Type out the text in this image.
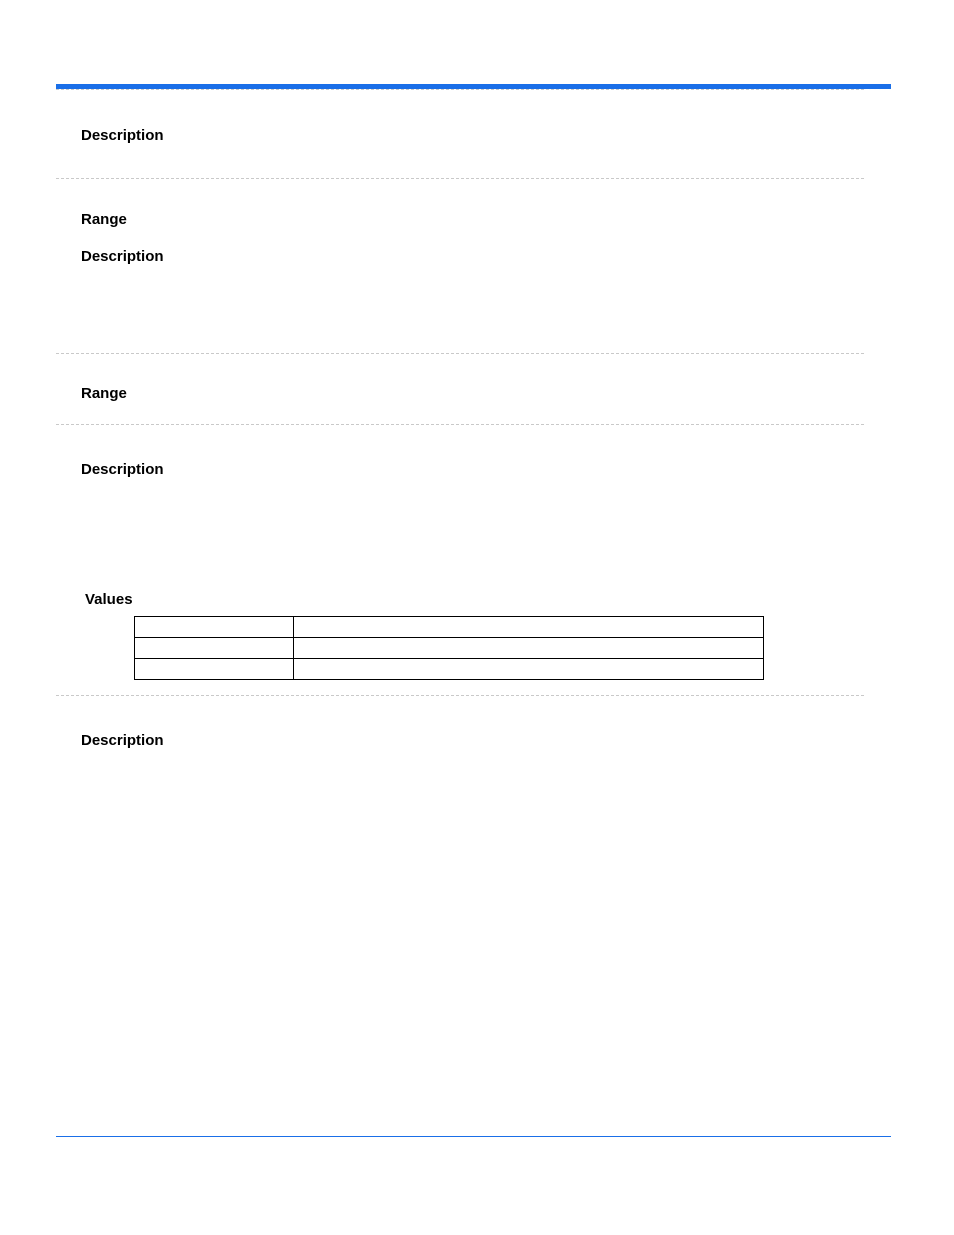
Description
Range
Description
Range
Description
Values

Description
